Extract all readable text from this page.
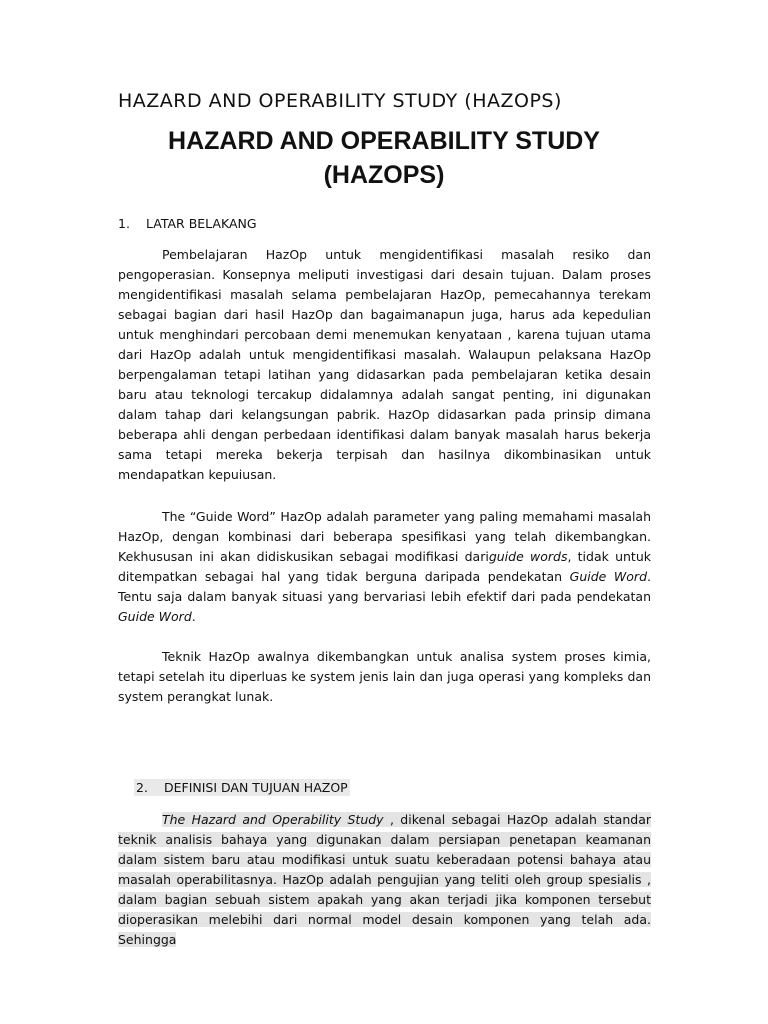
HAZARD AND OPERABILITY STUDY (HAZOPS)
HAZARD AND OPERABILITY STUDY
(HAZOPS)
1. LATAR BELAKANG
Pembelajaran HazOp untuk mengidentifikasi masalah resiko dan pengoperasian. Konsepnya meliputi investigasi dari desain tujuan. Dalam proses mengidentifikasi masalah selama pembelajaran HazOp, pemecahannya terekam sebagai bagian dari hasil HazOp dan bagaimanapun juga, harus ada kepedulian untuk menghindari percobaan demi menemukan kenyataan , karena tujuan utama dari HazOp adalah untuk mengidentifikasi masalah. Walaupun pelaksana HazOp berpengalaman tetapi latihan yang didasarkan pada pembelajaran ketika desain baru atau teknologi tercakup didalamnya adalah sangat penting, ini digunakan dalam tahap dari kelangsungan pabrik. HazOp didasarkan pada prinsip dimana beberapa ahli dengan perbedaan identifikasi dalam banyak masalah harus bekerja sama tetapi mereka bekerja terpisah dan hasilnya dikombinasikan untuk mendapatkan kepuiusan.
The “Guide Word” HazOp adalah parameter yang paling memahami masalah HazOp, dengan kombinasi dari beberapa spesifikasi yang telah dikembangkan. Kekhususan ini akan didiskusikan sebagai modifikasi dariguide words, tidak untuk ditempatkan sebagai hal yang tidak berguna daripada pendekatan Guide Word. Tentu saja dalam banyak situasi yang bervariasi lebih efektif dari pada pendekatan Guide Word.
Teknik HazOp awalnya dikembangkan untuk analisa system proses kimia, tetapi setelah itu diperluas ke system jenis lain dan juga operasi yang kompleks dan system perangkat lunak.
2. DEFINISI DAN TUJUAN HAZOP
The Hazard and Operability Study , dikenal sebagai HazOp adalah standar teknik analisis bahaya yang digunakan dalam persiapan penetapan keamanan dalam sistem baru atau modifikasi untuk suatu keberadaan potensi bahaya atau masalah operabilitasnya. HazOp adalah pengujian yang teliti oleh group spesialis , dalam bagian sebuah sistem apakah yang akan terjadi jika komponen tersebut dioperasikan melebihi dari normal model desain komponen yang telah ada. Sehingga
